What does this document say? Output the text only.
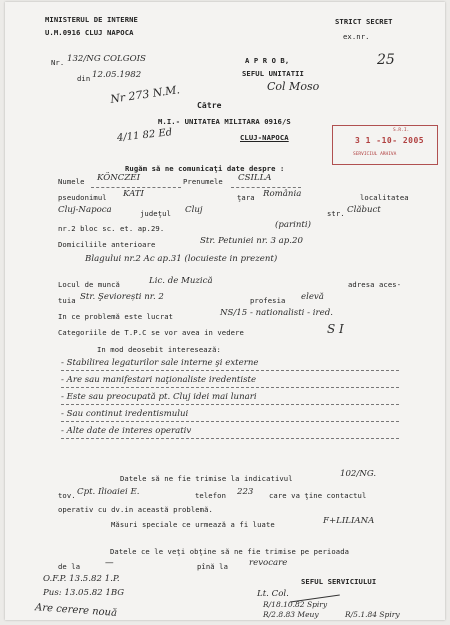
MINISTERUL DE INTERNE
U.M.0916 CLUJ NAPOCA
Nr. 132/NG COLGOIS
din 12.05.1982
STRICT SECRET
ex.nr.
A P R O B,
SEFUL UNITATII
Col Moso
25
Nr 273 N.M.
4/11 82 Ed
Către
M.I.- UNITATEA MILITARA 0916/S
CLUJ-NAPOCA
S.R.I.
3 1 -10- 2005
SERVICIUL ARHIVA
Rugăm să ne comunicaţi date despre :
Numele KÖNCZEI	Prenumele CSILLA
pseudonimul KATI	ţara România	localitatea
Cluj-Napoca	judeţul Cluj	str. Clăbuct
nr.2 bloc sc. et. ap.29.	(parinti)
Domiciliile anterioare	Str. Petuniei nr. 3 ap.20
Blagului nr.2 Ac ap.31 (locuieste in prezent)
Locul de muncă	Lic. de Muzică	adresa aces-
tuia Str. Şeviorești nr. 2	profesia elevă
In ce problemă este lucrat	NS/15 - nationalisti - ired.
Categoriile de T.P.C se vor avea in vedere	S I
In mod deosebit interesează:
- Stabilirea legaturilor sale interne şi externe
- Are sau manifestari naţionaliste iredentiste
- Este sau preocupată pt. Cluj idei mai lunari
- Sau continut iredentismului
- Alte date de interes operativ
Datele să ne fie trimise la indicativul	102/NG.
tov. Cpt. Ilioaiei E.	telefon 223 care va ţine contactul
operativ cu dv.in această problemă.
Măsuri speciale ce urmează a fi luate	F+LILIANA
Datele ce le veţi obţine să ne fie trimise pe perioada
de la	—	pînă la revocare
O.F.P. 13.5.82 1.P.
Pus: 13.05.82 1BG
Are cerere nouă
SEFUL SERVICIULUI
Lt. Col.
R/18.10.82 Spiry
R/2.8.83 Meuy	R/5.1.84 Spiry
